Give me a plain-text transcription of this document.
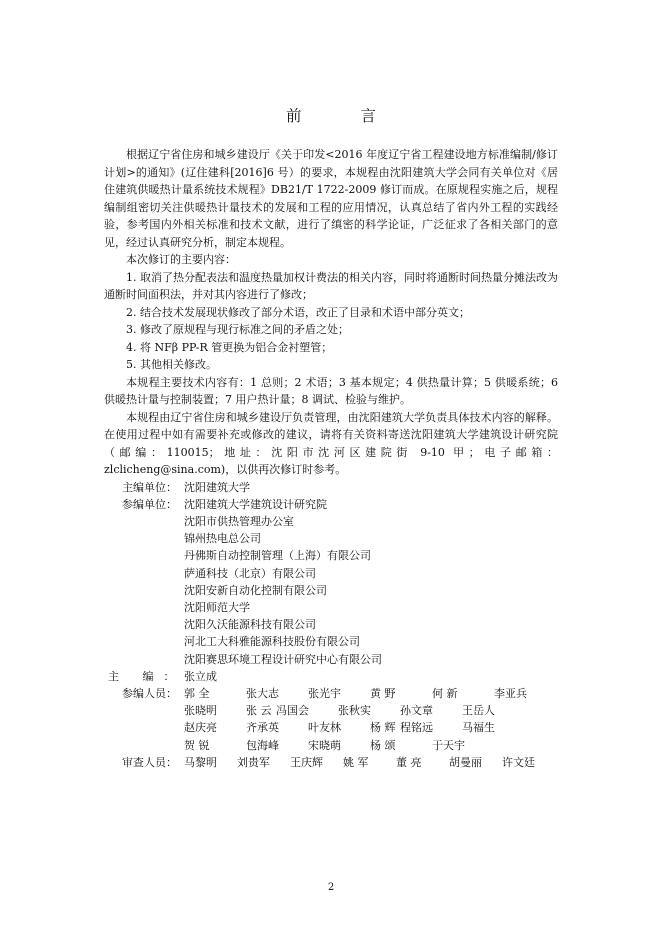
前 言

根据辽宁省住房和城乡建设厅《关于印发<2016 年度辽宁省工程建设地方标准编制/修订计划>的通知》(辽住建科[2016]6 号）的要求，本规程由沈阳建筑大学会同有关单位对《居住建筑供暖热计量系统技术规程》DB21/T 1722-2009 修订而成。在原规程实施之后，规程编制组密切关注供暖热计量技术的发展和工程的应用情况，认真总结了省内外工程的实践经验，参考国内外相关标准和技术文献，进行了缜密的科学论证，广泛征求了各相关部门的意见，经过认真研究分析，制定本规程。

本次修订的主要内容：

1. 取消了热分配表法和温度热量加权计费法的相关内容，同时将通断时间热量分摊法改为通断时间面积法，并对其内容进行了修改；

2. 结合技术发展现状修改了部分术语，改正了目录和术语中部分英文；

3. 修改了原规程与现行标准之间的矛盾之处；

4. 将 NFβ PP-R 管更换为铝合金衬塑管；

5. 其他相关修改。

本规程主要技术内容有：1 总则；2 术语；3 基本规定；4 供热量计算；5 供暖系统；6 供暖热计量与控制装置；7 用户热计量；8 调试、检验与维护。

本规程由辽宁省住房和城乡建设厅负责管理，由沈阳建筑大学负责具体技术内容的解释。在使用过程中如有需要补充或修改的建议，请将有关资料寄送沈阳建筑大学建筑设计研究院（邮编：110015；地址：沈阳市沈河区建院街 9-10 甲；电子邮箱：zlclicheng@sina.com)，以供再次修订时参考。

主编单位： 沈阳建筑大学
参编单位： 沈阳建筑大学建筑设计研究院
沈阳市供热管理办公室
锦州热电总公司
丹佛斯自动控制管理（上海）有限公司
萨通科技（北京）有限公司
沈阳安新自动化控制有限公司
沈阳师范大学
沈阳久沃能源科技有限公司
河北工大科雅能源科技股份有限公司
沈阳赛思环境工程设计研究中心有限公司
主 编： 张立成
参编人员： 郭 全	张大志	张光宇	黄 野	何 新	李亚兵
张晓明	张 云 冯国会	张秋实	孙文章	王岳人
赵庆亮	齐承英	叶友林	杨 辉 程铭远	马福生
贺 锐	包海峰	宋晓萌	杨 颂	于天宇
审查人员： 马黎明	刘贵军	王庆辉	姚 军	董 亮	胡曼丽	许文廷
2
